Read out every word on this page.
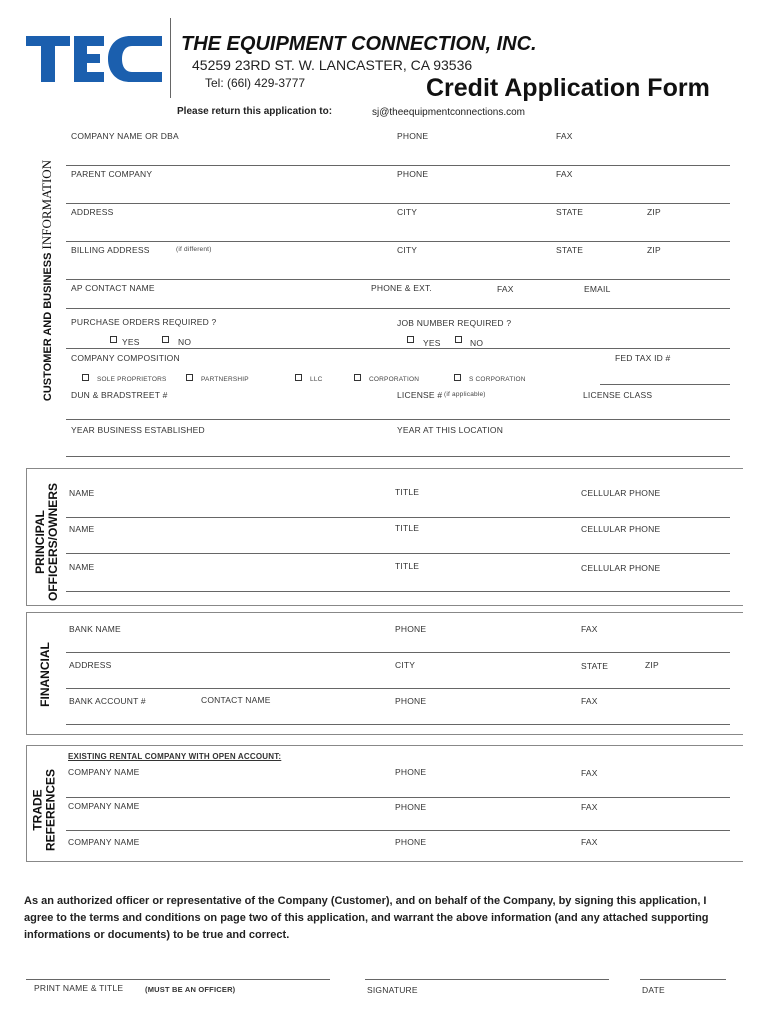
THE EQUIPMENT CONNECTION, INC.
45259 23RD ST. W. LANCASTER, CA 93536
Tel: (66l) 429-3777	Credit Application Form
Please return this application to:	sj@theequipmentconnections.com
CUSTOMER AND BUSINESS INFORMATION
COMPANY NAME OR DBA	PHONE	FAX
PARENT COMPANY	PHONE	FAX
ADDRESS	CITY	STATE	ZIP
BILLING ADDRESS	(if different)	CITY	STATE	ZIP
AP CONTACT NAME	PHONE & EXT.	FAX	EMAIL
PURCHASE ORDERS REQUIRED ?	JOB NUMBER REQUIRED ?
YES	NO	YES	NO
COMPANY COMPOSITION	FED TAX ID #
SOLE PROPRIETORS	PARTNERSHIP	LLC	CORPORATION	S CORPORATION
DUN & BRADSTREET #	LICENSE # (if applicable)	LICENSE CLASS
YEAR BUSINESS ESTABLISHED	YEAR AT THIS LOCATION
PRINCIPAL OFFICERS/OWNERS NAME	TITLE	CELLULAR PHONE
NAME	TITLE	CELLULAR PHONE
NAME	TITLE	CELLULAR PHONE
FINANCIAL
BANK NAME	PHONE	FAX
ADDRESS	CITY	STATE	ZIP
BANK ACCOUNT #	CONTACT NAME	PHONE	FAX
TRADE REFERENCES
EXISTING RENTAL COMPANY WITH OPEN ACCOUNT:
COMPANY NAME	PHONE	FAX
COMPANY NAME	PHONE	FAX
COMPANY NAME	PHONE	FAX
As an authorized officer or representative of the Company (Customer), and on behalf of the Company, by signing this application, I agree to the terms and conditions on page two of this application, and warrant the above information (and any attached supporting informations or documents) to be true and correct.
PRINT NAME & TITLE	(MUST BE AN OFFICER)	SIGNATURE	DATE
